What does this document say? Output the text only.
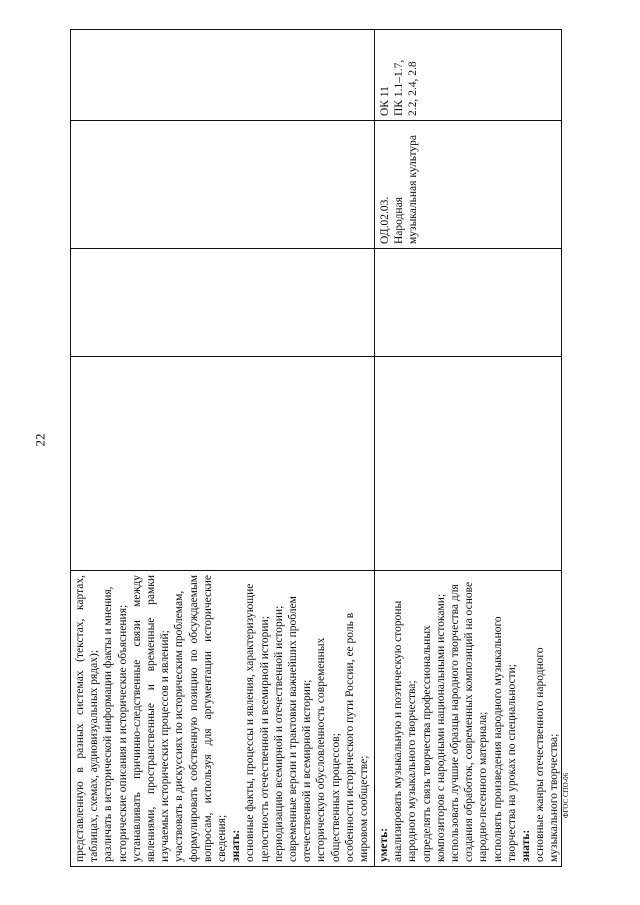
22
представленную в разных системах (текстах, картах, таблицах, схемах, аудиовизуальных рядах); различать в исторической информации факты и мнения, исторические описания и исторические объяснения; устанавливать причинно-следственные связи между явлениями, пространственные и временные рамки изучаемых исторических процессов и явлений; участвовать в дискуссиях по историческим проблемам, формулировать собственную позицию по обсуждаемым вопросам, используя для аргументации исторические сведения; знать: основные факты, процессы и явления, характеризующие целостность отечественной и всемирной истории; периодизацию всемирной и отечественной истории; современные версии и трактовки важнейших проблем отечественной и всемирной истории; историческую обусловленность современных общественных процессов; особенности исторического пути России, ее роль в мировом сообществе; уметь: анализировать музыкальную и поэтическую стороны народного музыкального творчества; определять связь творчества профессиональных композиторов с народными национальными истоками; использовать лучшие образцы народного творчества для создания обработок, современных композиций на основе народно-песенного материала; исполнять произведения народного музыкального творчества на уроках по специальности; знать: основные жанры отечественного народного музыкального творчества;
ОД.02.03. Народная музыкальная культура
ОК 11 ПК 1.1–1.7, 2.2, 2.4, 2.8
ФГОС СПО-06
